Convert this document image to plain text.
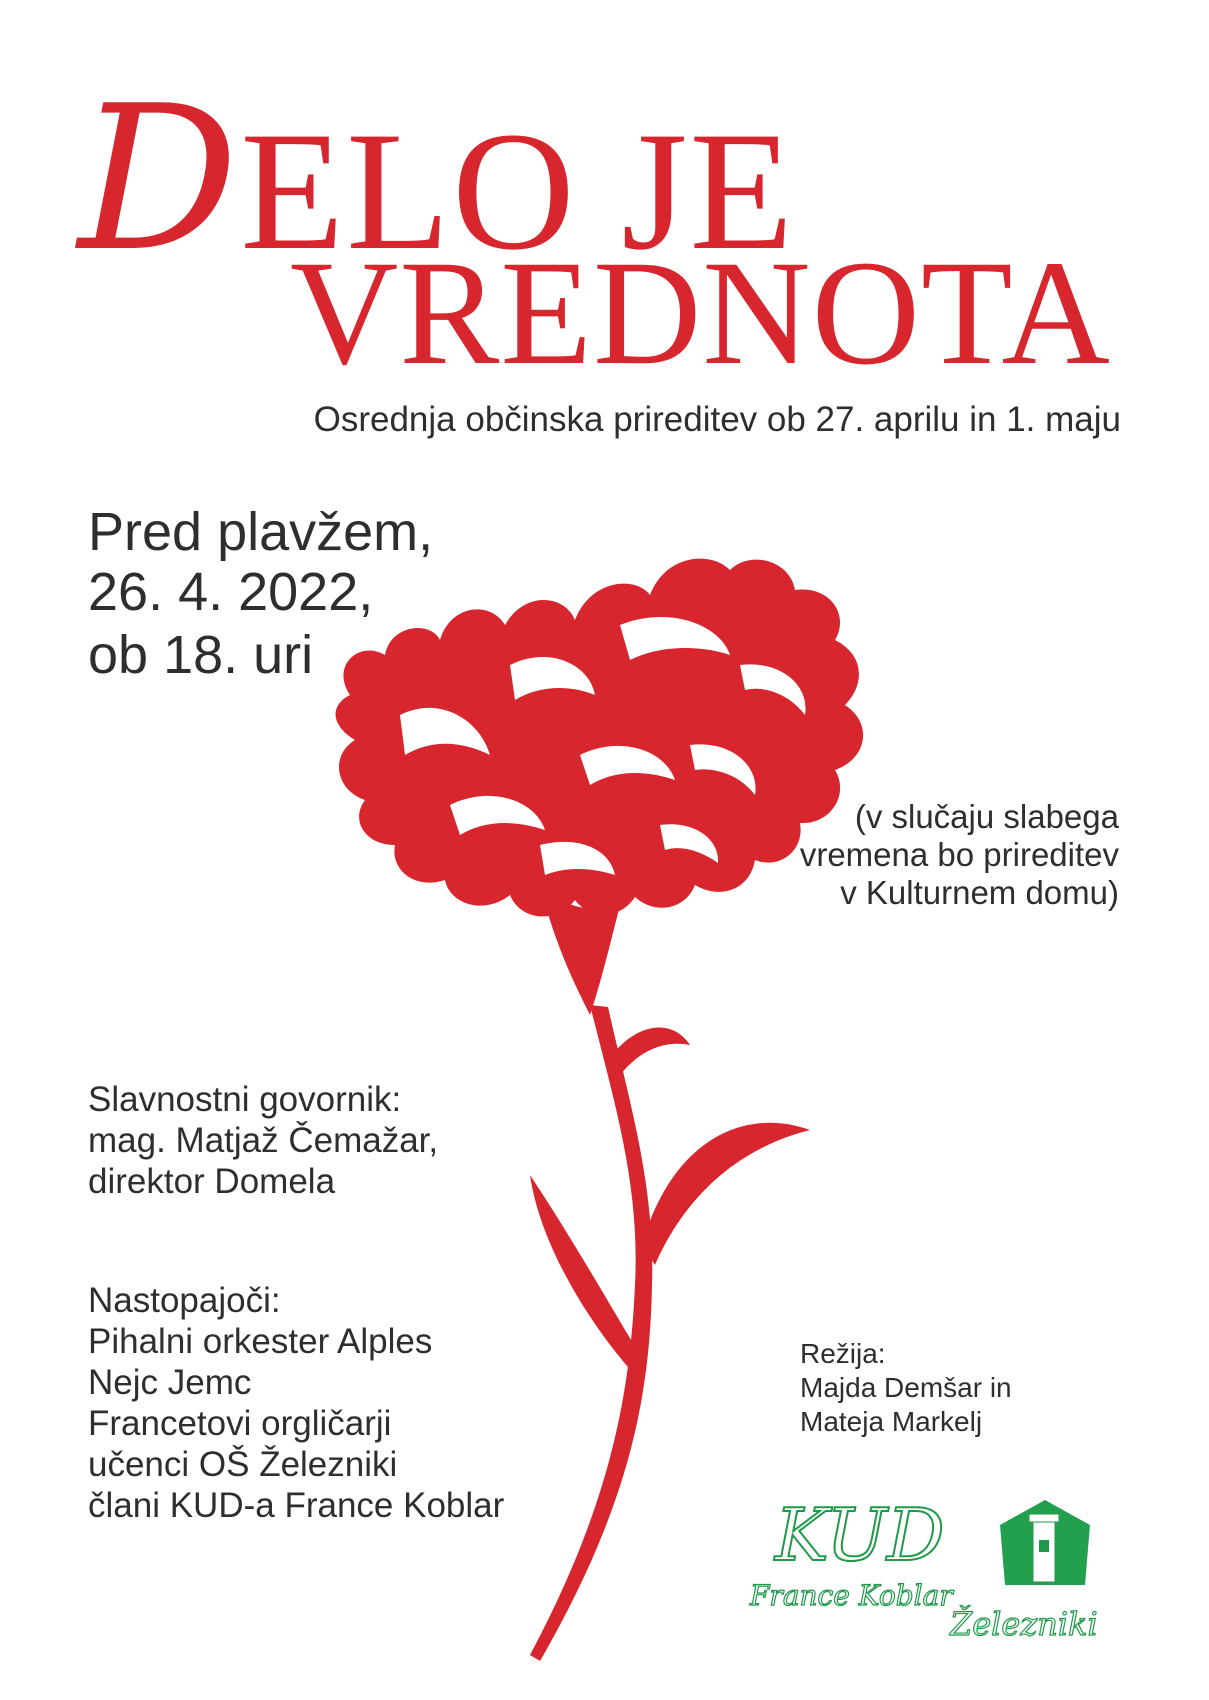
DELO JE
VREDNOTA
Osrednja občinska prireditev ob 27. aprilu in 1. maju
Pred plavžem,
26. 4. 2022,
ob 18. uri
(v slučaju slabega
vremena bo prireditev
v Kulturnem domu)
Slavnostni govornik:
mag. Matjaž Čemažar,
direktor Domela
Nastopajoči:
Pihalni orkester Alples
Nejc Jemc
Francetovi orgličarji
učenci OŠ Železniki
člani KUD-a France Koblar
Režija:
Majda Demšar in
Mateja Markelj
KUD
France Koblar
Železniki
